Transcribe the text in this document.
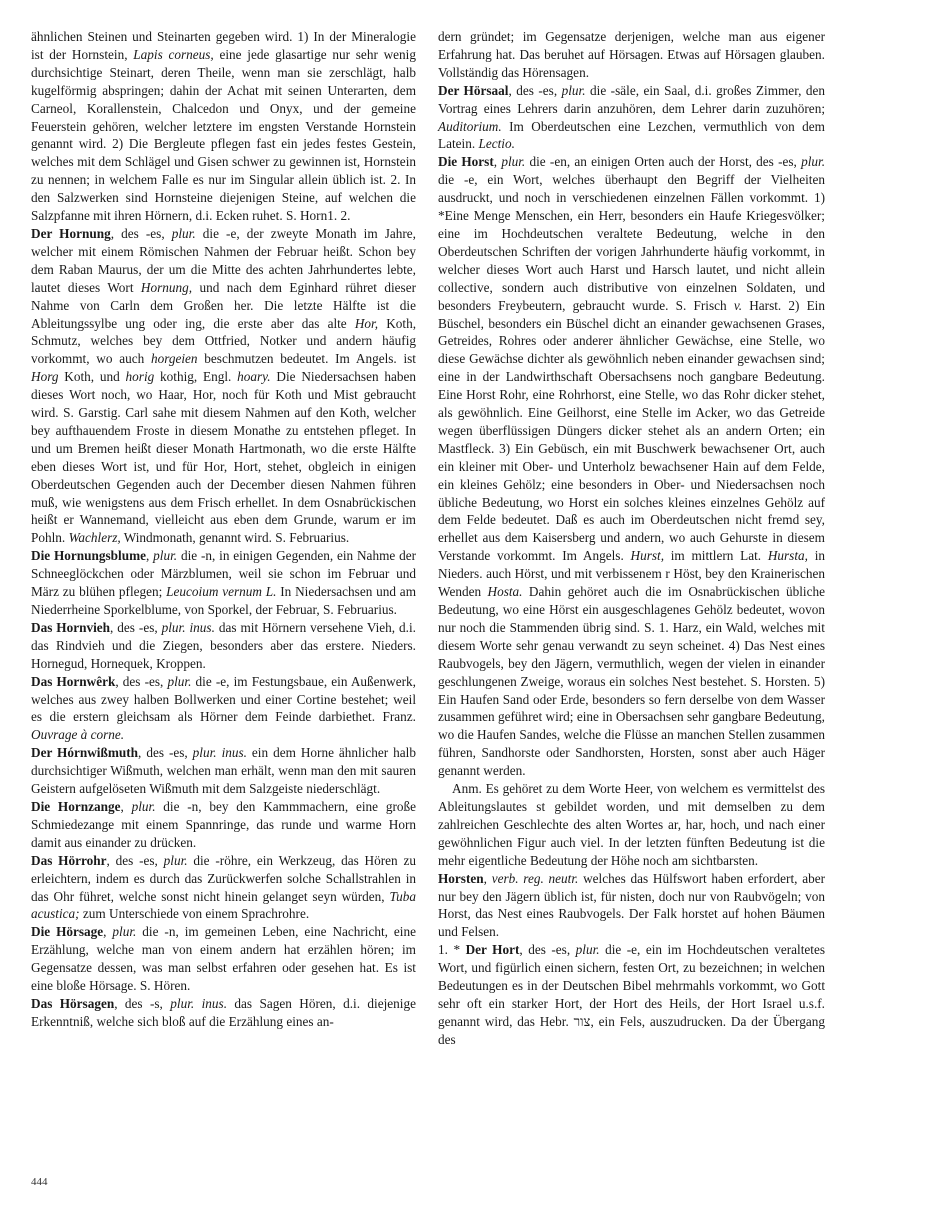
ähnlichen Steinen und Steinarten gegeben wird. 1) In der Mineralogie ist der Hornstein, Lapis corneus, eine jede glasartige nur sehr wenig durchsichtige Steinart, deren Theile, wenn man sie zerschlägt, halb kugelförmig abspringen; dahin der Achat mit seinen Unterarten, dem Carneol, Korallenstein, Chalcedon und Onyx, und der gemeine Feuerstein gehören, welcher letztere im engsten Verstande Hornstein genannt wird. 2) Die Bergleute pflegen fast ein jedes festes Gestein, welches mit dem Schlägel und Gisen schwer zu gewinnen ist, Hornstein zu nennen; in welchem Falle es nur im Singular allein üblich ist. 2. In den Salzwerken sind Hornsteine diejenigen Steine, auf welchen die Salzpfanne mit ihren Hörnern, d.i. Ecken ruhet. S. Horn1. 2.

Der Hornung, des -es, plur. die -e, der zweyte Monath im Jahre, welcher mit einem Römischen Nahmen der Februar heißt. Schon bey dem Raban Maurus, der um die Mitte des achten Jahrhundertes lebte, lautet dieses Wort Hornung, und nach dem Eginhard rühret dieser Nahme von Carln dem Großen her. Die letzte Hälfte ist die Ableitungssylbe ung oder ing, die erste aber das alte Hor, Koth, Schmutz, welches bey dem Ottfried, Notker und andern häufig vorkommt, wo auch horgeien beschmutzen bedeutet. Im Angels. ist Horg Koth, und horig kothig, Engl. hoary. Die Niedersachsen haben dieses Wort noch, wo Haar, Hor, noch für Koth und Mist gebraucht wird. S. Garstig. Carl sahe mit diesem Nahmen auf den Koth, welcher bey aufthauendem Froste in diesem Monathe zu entstehen pfleget. In und um Bremen heißt dieser Monath Hartmonath, wo die erste Hälfte eben dieses Wort ist, und für Hor, Hort, stehet, obgleich in einigen Oberdeutschen Gegenden auch der December diesen Nahmen führen muß, wie wenigstens aus dem Frisch erhellet. In dem Osnabrückischen heißt er Wannemand, vielleicht aus eben dem Grunde, warum er im Pohln. Wachlerz, Windmonath, genannt wird. S. Februarius.

Die Hornungsblume, plur. die -n, in einigen Gegenden, ein Nahme der Schneeglöckchen oder Märzblumen, weil sie schon im Februar und März zu blühen pflegen; Leucoium vernum L. In Niedersachsen und am Niederrheine Sporkelblume, von Sporkel, der Februar, S. Februarius.

Das Hornvieh, des -es, plur. inus. das mit Hörnern versehene Vieh, d.i. das Rindvieh und die Ziegen, besonders aber das erstere. Nieders. Hornegud, Hornequek, Kroppen.

Das Hornwêrk, des -es, plur. die -e, im Festungsbaue, ein Außenwerk, welches aus zwey halben Bollwerken und einer Cortine bestehet; weil es die erstern gleichsam als Hörner dem Feinde darbiethet. Franz. Ouvrage à corne.

Der Hórnwißmuth, des -es, plur. inus. ein dem Horne ähnlicher halb durchsichtiger Wißmuth, welchen man erhält, wenn man den mit sauren Geistern aufgelöseten Wißmuth mit dem Salzgeiste niederschlägt.

Die Hornzange, plur. die -n, bey den Kammmachern, eine große Schmiedezange mit einem Spannringe, das runde und warme Horn damit aus einander zu drücken.

Das Hörrohr, des -es, plur. die -röhre, ein Werkzeug, das Hören zu erleichtern, indem es durch das Zurückwerfen solche Schallstrahlen in das Ohr führet, welche sonst nicht hinein gelanget seyn würden, Tuba acustica; zum Unterschiede von einem Sprachrohre.

Die Hörsage, plur. die -n, im gemeinen Leben, eine Nachricht, eine Erzählung, welche man von einem andern hat erzählen hören; im Gegensatze dessen, was man selbst erfahren oder gesehen hat. Es ist eine bloße Hörsage. S. Hören.

Das Hörsagen, des -s, plur. inus. das Sagen Hören, d.i. diejenige Erkenntniß, welche sich bloß auf die Erzählung eines an-

dern gründet; im Gegensatze derjenigen, welche man aus eigener Erfahrung hat. Das beruhet auf Hörsagen. Etwas auf Hörsagen glauben. Vollständig das Hörensagen.

Der Hörsaal, des -es, plur. die -säle, ein Saal, d.i. großes Zimmer, den Vortrag eines Lehrers darin anzuhören, dem Lehrer darin zuzuhören; Auditorium. Im Oberdeutschen eine Lezchen, vermuthlich von dem Latein. Lectio.

Die Horst, plur. die -en, an einigen Orten auch der Horst, des -es, plur. die -e, ein Wort, welches überhaupt den Begriff der Vielheiten ausdruckt, und noch in verschiedenen einzelnen Fällen vorkommt. 1) *Eine Menge Menschen, ein Herr, besonders ein Haufe Kriegesvölker; eine im Hochdeutschen veraltete Bedeutung, welche in den Oberdeutschen Schriften der vorigen Jahrhunderte häufig vorkommt, in welcher dieses Wort auch Harst und Harsch lautet, und nicht allein collective, sondern auch distributive von einzelnen Soldaten, und besonders Freybeutern, gebraucht wurde. S. Frisch v. Harst. 2) Ein Büschel, besonders ein Büschel dicht an einander gewachsenen Grases, Getreides, Rohres oder anderer ähnlicher Gewächse, eine Stelle, wo diese Gewächse dichter als gewöhnlich neben einander gewachsen sind; eine in der Landwirthschaft Obersachsens noch gangbare Bedeutung. Eine Horst Rohr, eine Rohrhorst, eine Stelle, wo das Rohr dicker stehet, als gewöhnlich. Eine Geilhorst, eine Stelle im Acker, wo das Getreide wegen überflüssigen Düngers dicker stehet als an andern Orten; ein Mastfleck. 3) Ein Gebüsch, ein mit Buschwerk bewachsener Ort, auch ein kleiner mit Ober- und Unterholz bewachsener Hain auf dem Felde, ein kleines Gehölz; eine besonders in Ober- und Niedersachsen noch übliche Bedeutung, wo Horst ein solches kleines einzelnes Gehölz auf dem Felde bedeutet. Daß es auch im Oberdeutschen nicht fremd sey, erhellet aus dem Kaisersberg und andern, wo auch Gehurste in diesem Verstande vorkommt. Im Angels. Hurst, im mittlern Lat. Hursta, in Nieders. auch Hörst, und mit verbissenem r Höst, bey den Krainerischen Wenden Hosta. Dahin gehöret auch die im Osnabrückischen übliche Bedeutung, wo eine Hörst ein ausgeschlagenes Gehölz bedeutet, wovon nur noch die Stammenden übrig sind. S. 1. Harz, ein Wald, welches mit diesem Worte sehr genau verwandt zu seyn scheinet. 4) Das Nest eines Raubvogels, bey den Jägern, vermuthlich, wegen der vielen in einander geschlungenen Zweige, woraus ein solches Nest bestehet. S. Horsten. 5) Ein Haufen Sand oder Erde, besonders so fern derselbe von dem Wasser zusammen geführet wird; eine in Obersachsen sehr gangbare Bedeutung, wo die Haufen Sandes, welche die Flüsse an manchen Stellen zusammen führen, Sandhorste oder Sandhorsten, Horsten, sonst aber auch Häger genannt werden.

Anm. Es gehöret zu dem Worte Heer, von welchem es vermittelst des Ableitungslautes st gebildet worden, und mit demselben zu dem zahlreichen Geschlechte des alten Wortes ar, har, hoch, und nach einer gewöhnlichen Figur auch viel. In der letzten fünften Bedeutung ist die mehr eigentliche Bedeutung der Höhe noch am sichtbarsten.

Horsten, verb. reg. neutr. welches das Hülfswort haben erfordert, aber nur bey den Jägern üblich ist, für nisten, doch nur von Raubvögeln; von Horst, das Nest eines Raubvogels. Der Falk horstet auf hohen Bäumen und Felsen.

1. * Der Hort, des -es, plur. die -e, ein im Hochdeutschen veraltetes Wort, und figürlich einen sichern, festen Ort, zu bezeichnen; in welchen Bedeutungen es in der Deutschen Bibel mehrmahls vorkommt, wo Gott sehr oft ein starker Hort, der Hort des Heils, der Hort Israel u.s.f. genannt wird, das Hebr. צור, ein Fels, auszudrucken. Da der Übergang des

444
